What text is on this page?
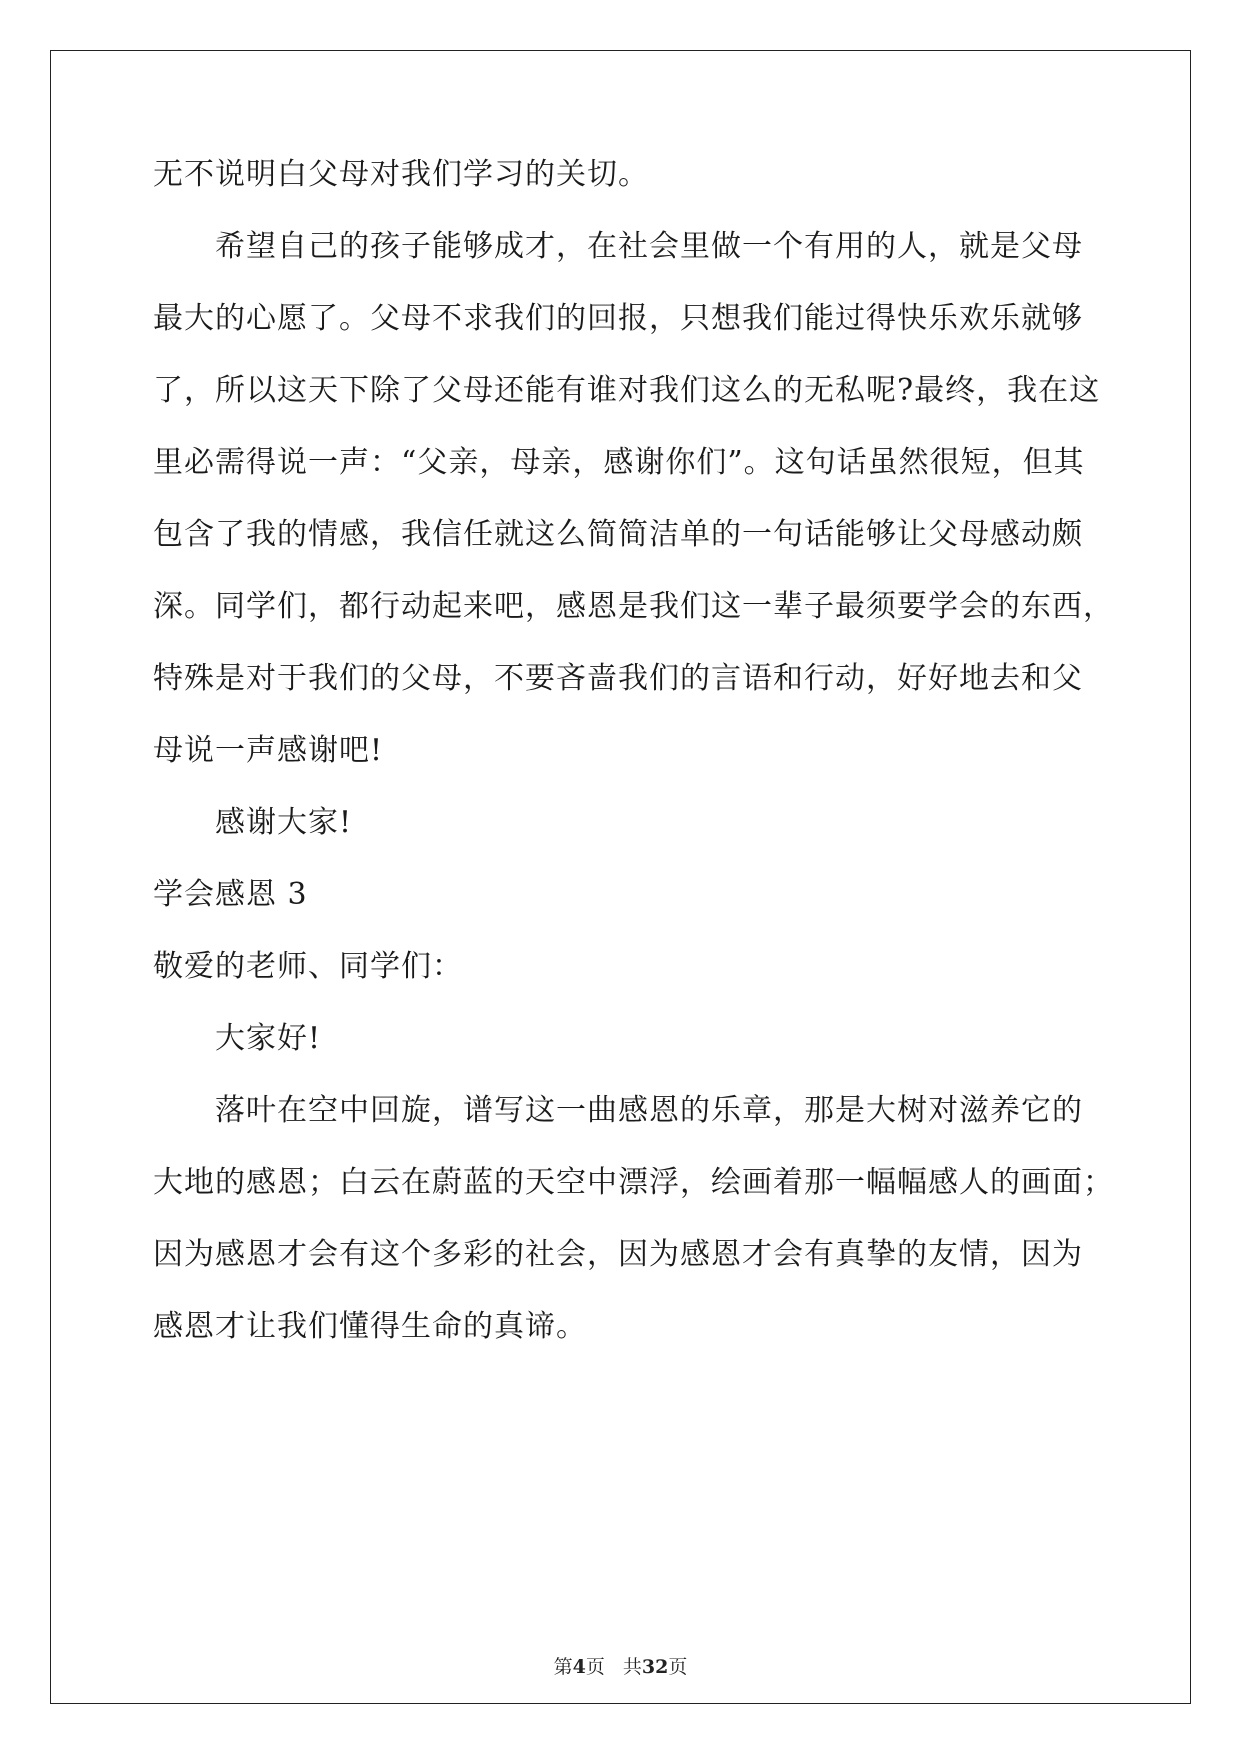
无不说明白父母对我们学习的关切。
希望自己的孩子能够成才，在社会里做一个有用的人，就是父母
最大的心愿了。父母不求我们的回报，只想我们能过得快乐欢乐就够
了，所以这天下除了父母还能有谁对我们这么的无私呢?最终，我在这
里必需得说一声：“父亲，母亲，感谢你们”。这句话虽然很短，但其
包含了我的情感，我信任就这么简简洁单的一句话能够让父母感动颇
深。同学们，都行动起来吧，感恩是我们这一辈子最须要学会的东西，
特殊是对于我们的父母，不要吝啬我们的言语和行动，好好地去和父
母说一声感谢吧!
感谢大家!
学会感恩 3
敬爱的老师、同学们：
大家好!
落叶在空中回旋，谱写这一曲感恩的乐章，那是大树对滋养它的
大地的感恩；白云在蔚蓝的天空中漂浮，绘画着那一幅幅感人的画面；
因为感恩才会有这个多彩的社会，因为感恩才会有真挚的友情，因为
感恩才让我们懂得生命的真谛。
第4页 共32页
